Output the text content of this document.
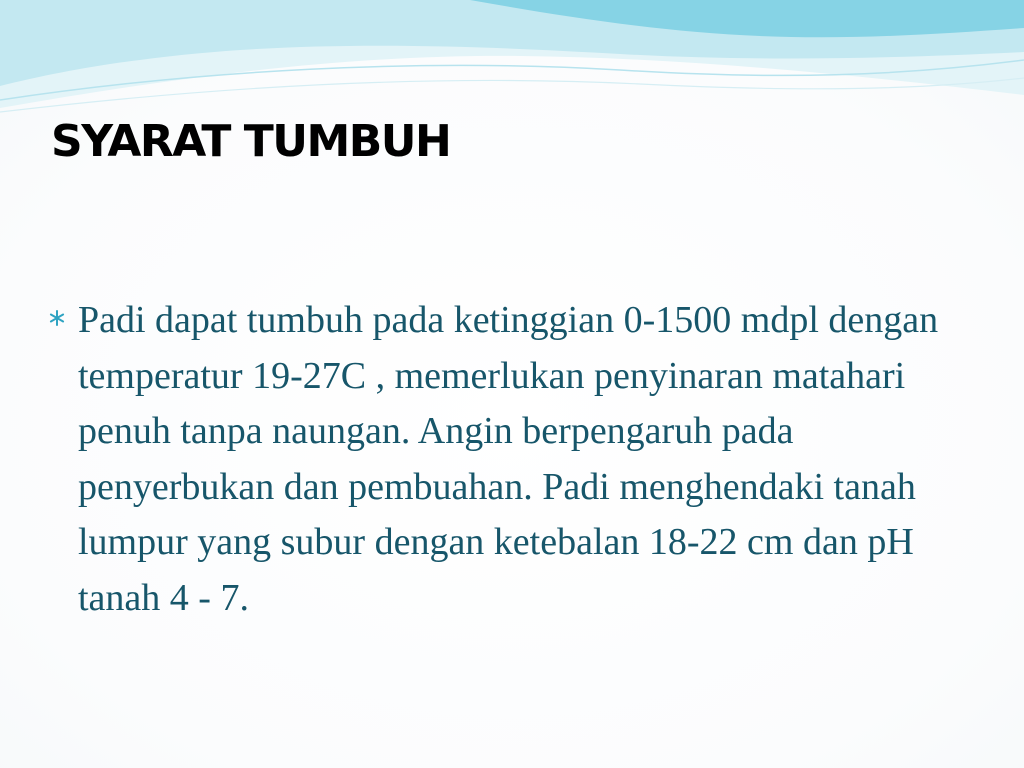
SYARAT TUMBUH

Padi dapat tumbuh pada ketinggian 0-1500 mdpl dengan temperatur 19-27C , memerlukan penyinaran matahari penuh tanpa naungan. Angin berpengaruh pada penyerbukan dan pembuahan. Padi menghendaki tanah lumpur yang subur dengan ketebalan 18-22 cm dan pH tanah 4 - 7.
